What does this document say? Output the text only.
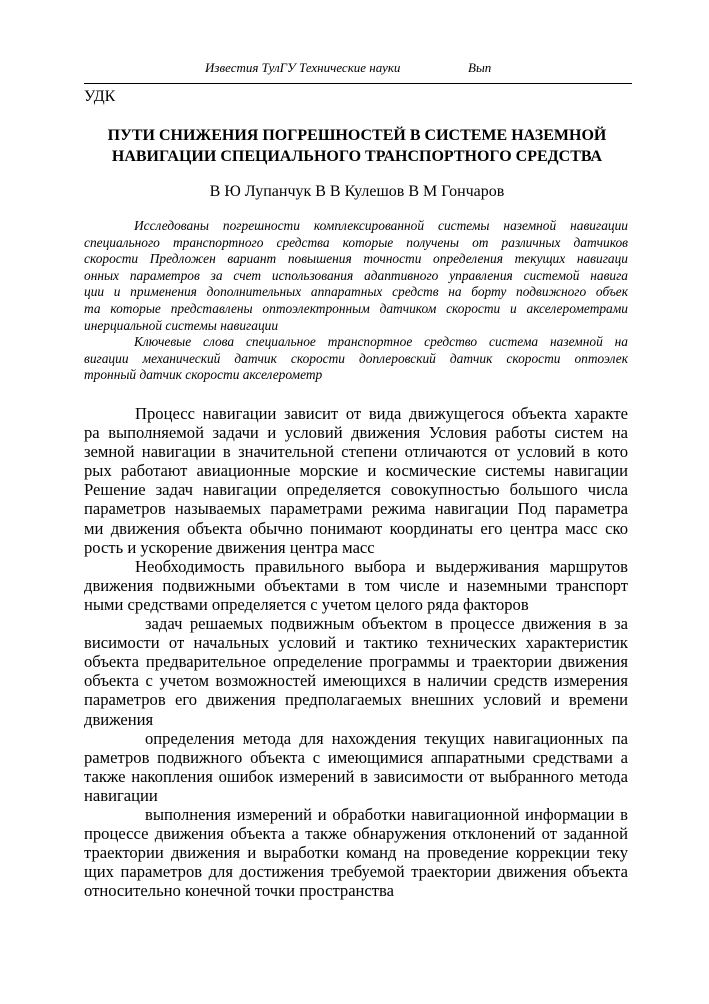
Известия ТулГУ Технические науки	Вып
УДК
ПУТИ СНИЖЕНИЯ ПОГРЕШНОСТЕЙ В СИСТЕМЕ НАЗЕМНОЙ
НАВИГАЦИИ СПЕЦИАЛЬНОГО ТРАНСПОРТНОГО СРЕДСТВА
В Ю Лупанчук В В Кулешов В М Гончаров
Исследованы погрешности комплексированной системы наземной навигации
специального транспортного средства которые получены от различных датчиков
скорости Предложен вариант повышения точности определения текущих навигаци
онных параметров за счет использования адаптивного управления системой навига
ции и применения дополнительных аппаратных средств на борту подвижного объек
та которые представлены оптоэлектронным датчиком скорости и акселерометрами
инерциальной системы навигации
Ключевые слова специальное транспортное средство система наземной на
вигации механический датчик скорости доплеровский датчик скорости оптоэлек
тронный датчик скорости акселерометр
Процесс навигации зависит от вида движущегося объекта характе
ра выполняемой задачи и условий движения Условия работы систем на
земной навигации в значительной степени отличаются от условий в кото
рых работают авиационные морские и космические системы навигации
Решение задач навигации определяется совокупностью большого числа
параметров называемых параметрами режима навигации Под параметра
ми движения объекта обычно понимают координаты его центра масс ско
рость и ускорение движения центра масс
Необходимость правильного выбора и выдерживания маршрутов
движения подвижными объектами в том числе и наземными транспорт
ными средствами определяется с учетом целого ряда факторов
задач решаемых подвижным объектом в процессе движения в за
висимости от начальных условий и тактико технических характеристик
объекта предварительное определение программы и траектории движения
объекта с учетом возможностей имеющихся в наличии средств измерения
параметров его движения предполагаемых внешних условий и времени
движения
определения метода для нахождения текущих навигационных па
раметров подвижного объекта с имеющимися аппаратными средствами а
также накопления ошибок измерений в зависимости от выбранного метода
навигации
выполнения измерений и обработки навигационной информации в
процессе движения объекта а также обнаружения отклонений от заданной
траектории движения и выработки команд на проведение коррекции теку
щих параметров для достижения требуемой траектории движения объекта
относительно конечной точки пространства
